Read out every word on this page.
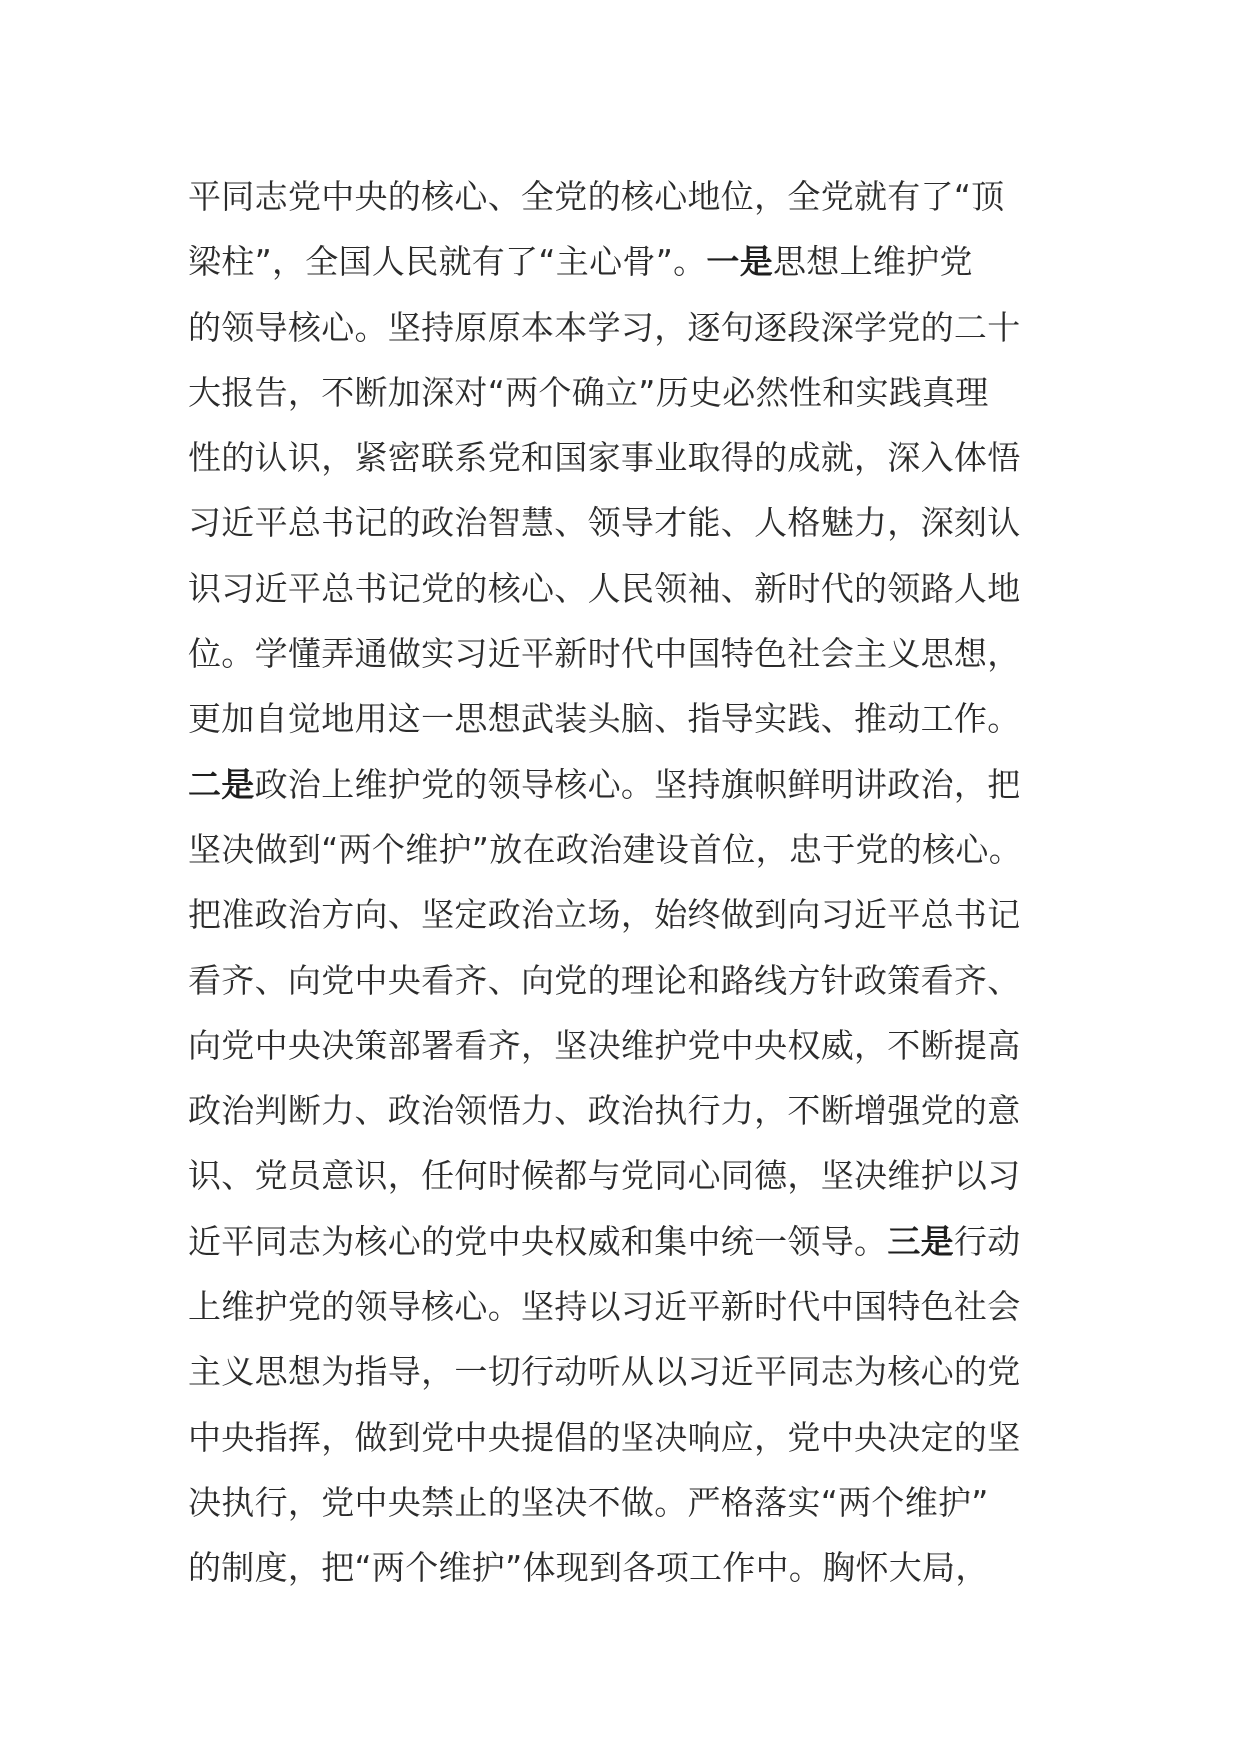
平同志党中央的核心、全党的核心地位，全党就有了“顶
梁柱”，全国人民就有了“主心骨”。一是思想上维护党
的领导核心。坚持原原本本学习，逐句逐段深学党的二十
大报告，不断加深对“两个确立”历史必然性和实践真理
性的认识，紧密联系党和国家事业取得的成就，深入体悟
习近平总书记的政治智慧、领导才能、人格魅力，深刻认
识习近平总书记党的核心、人民领袖、新时代的领路人地
位。学懂弄通做实习近平新时代中国特色社会主义思想，
更加自觉地用这一思想武装头脑、指导实践、推动工作。
二是政治上维护党的领导核心。坚持旗帜鲜明讲政治，把
坚决做到“两个维护”放在政治建设首位，忠于党的核心。
把准政治方向、坚定政治立场，始终做到向习近平总书记
看齐、向党中央看齐、向党的理论和路线方针政策看齐、
向党中央决策部署看齐，坚决维护党中央权威，不断提高
政治判断力、政治领悟力、政治执行力，不断增强党的意
识、党员意识，任何时候都与党同心同德，坚决维护以习
近平同志为核心的党中央权威和集中统一领导。三是行动
上维护党的领导核心。坚持以习近平新时代中国特色社会
主义思想为指导，一切行动听从以习近平同志为核心的党
中央指挥，做到党中央提倡的坚决响应，党中央决定的坚
决执行，党中央禁止的坚决不做。严格落实“两个维护”
的制度，把“两个维护”体现到各项工作中。胸怀大局，
